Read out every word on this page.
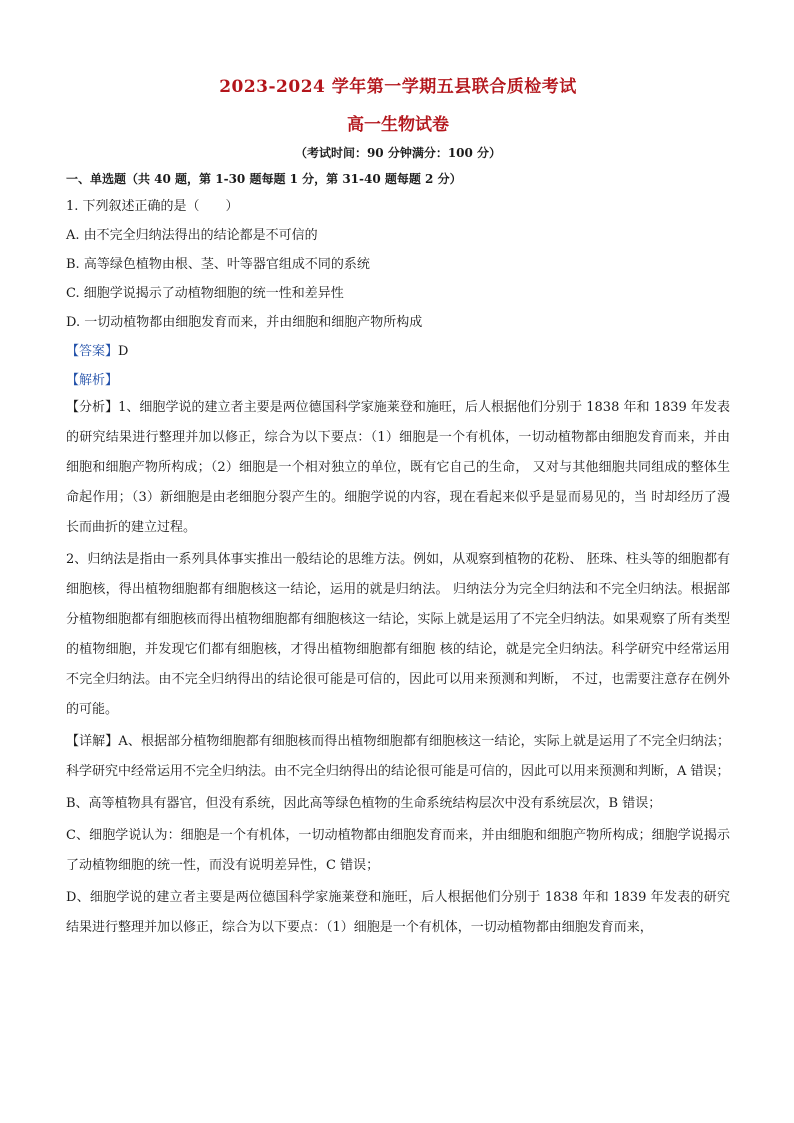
2023-2024 学年第一学期五县联合质检考试
高一生物试卷
（考试时间：90 分钟满分：100 分）
一、单选题（共 40 题，第 1-30 题每题 1 分，第 31-40 题每题 2 分）
1. 下列叙述正确的是（　　）
A. 由不完全归纳法得出的结论都是不可信的
B. 高等绿色植物由根、茎、叶等器官组成不同的系统
C. 细胞学说揭示了动植物细胞的统一性和差异性
D. 一切动植物都由细胞发育而来，并由细胞和细胞产物所构成
【答案】D
【解析】

【分析】1、细胞学说的建立者主要是两位德国科学家施莱登和施旺，后人根据他们分别于 1838 年和 1839 年发表的研究结果进行整理并加以修正，综合为以下要点：（1）细胞是一个有机体，一切动植物都由细胞发育而来，并由细胞和细胞产物所构成；（2）细胞是一个相对独立的单位，既有它自己的生命， 又对与其他细胞共同组成的整体生命起作用；（3）新细胞是由老细胞分裂产生的。细胞学说的内容，现在看起来似乎是显而易见的，当 时却经历了漫长而曲折的建立过程。

2、归纳法是指由一系列具体事实推出一般结论的思维方法。例如，从观察到植物的花粉、 胚珠、柱头等的细胞都有细胞核，得出植物细胞都有细胞核这一结论，运用的就是归纳法。 归纳法分为完全归纳法和不完全归纳法。根据部分植物细胞都有细胞核而得出植物细胞都有细胞核这一结论，实际上就是运用了不完全归纳法。如果观察了所有类型的植物细胞，并发现它们都有细胞核，才得出植物细胞都有细胞 核的结论，就是完全归纳法。科学研究中经常运用不完全归纳法。由不完全归纳得出的结论很可能是可信的，因此可以用来预测和判断， 不过，也需要注意存在例外的可能。

【详解】A、根据部分植物细胞都有细胞核而得出植物细胞都有细胞核这一结论，实际上就是运用了不完全归纳法；科学研究中经常运用不完全归纳法。由不完全归纳得出的结论很可能是可信的，因此可以用来预测和判断，A 错误；

B、高等植物具有器官，但没有系统，因此高等绿色植物的生命系统结构层次中没有系统层次，B 错误；

C、细胞学说认为：细胞是一个有机体，一切动植物都由细胞发育而来，并由细胞和细胞产物所构成；细胞学说揭示了动植物细胞的统一性，而没有说明差异性，C 错误；

D、细胞学说的建立者主要是两位德国科学家施莱登和施旺，后人根据他们分别于 1838 年和 1839 年发表的研究结果进行整理并加以修正，综合为以下要点：（1）细胞是一个有机体，一切动植物都由细胞发育而来，
